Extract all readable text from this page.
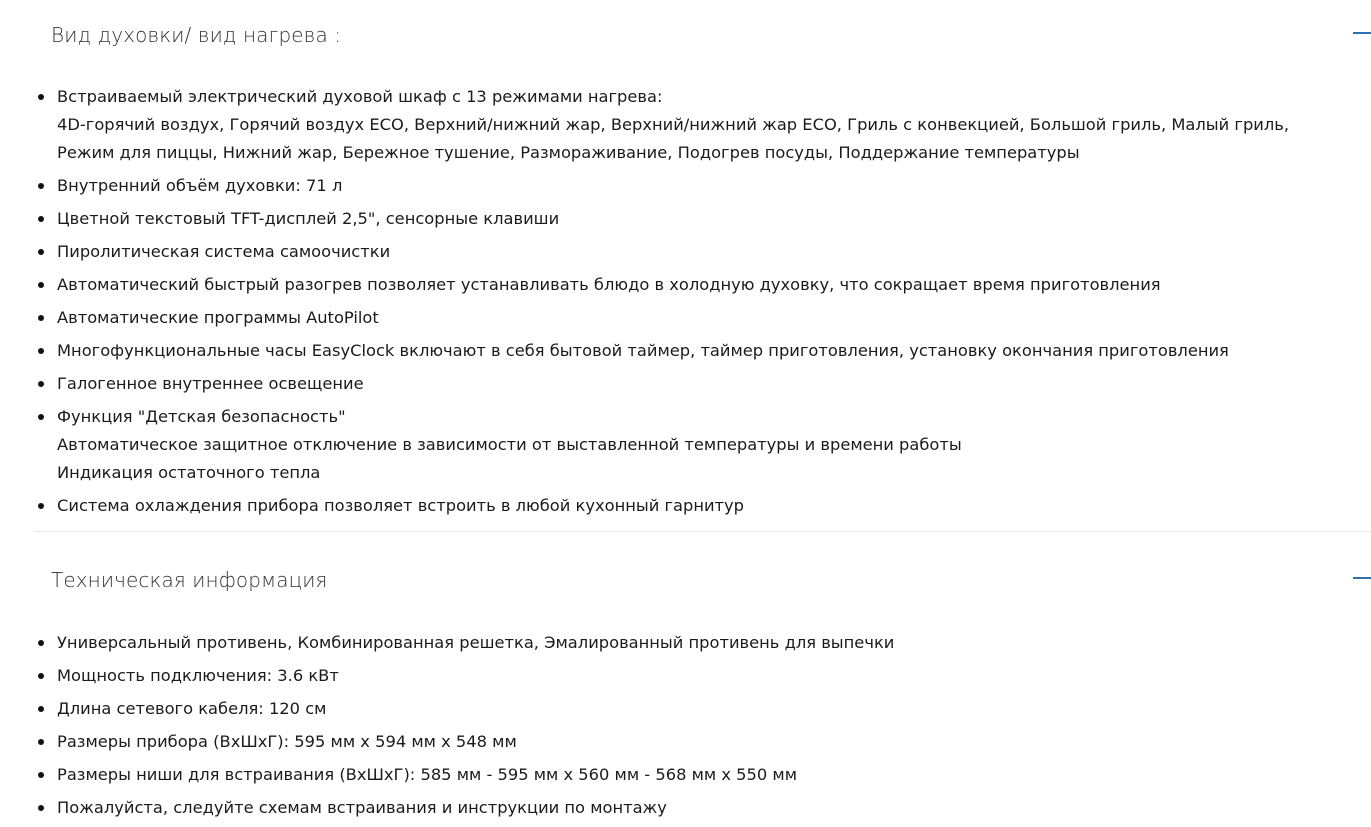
Вид духовки/ вид нагрева :
Встраиваемый электрический духовой шкаф с 13 режимами нагрева:
4D-горячий воздух, Горячий воздух ECO, Верхний/нижний жар, Верхний/нижний жар ECO, Гриль с конвекцией, Большой гриль, Малый гриль,
Режим для пиццы, Нижний жар, Бережное тушение, Размораживание, Подогрев посуды, Поддержание температуры
Внутренний объём духовки: 71 л
Цветной текстовый TFT-дисплей 2,5", сенсорные клавиши
Пиролитическая система самоочистки
Автоматический быстрый разогрев позволяет устанавливать блюдо в холодную духовку, что сокращает время приготовления
Автоматические программы AutoPilot
Многофункциональные часы EasyClock включают в себя бытовой таймер, таймер приготовления, установку окончания приготовления
Галогенное внутреннее освещение
Функция "Детская безопасность"
Автоматическое защитное отключение в зависимости от выставленной температуры и времени работы
Индикация остаточного тепла
Система охлаждения прибора позволяет встроить в любой кухонный гарнитур
Техническая информация
Универсальный противень, Комбинированная решетка, Эмалированный противень для выпечки
Мощность подключения: 3.6 кВт
Длина сетевого кабеля: 120 см
Размеры прибора (ВхШхГ): 595 мм x 594 мм x 548 мм
Размеры ниши для встраивания (ВхШхГ): 585 мм - 595 мм x 560 мм - 568 мм x 550 мм
Пожалуйста, следуйте схемам встраивания и инструкции по монтажу
